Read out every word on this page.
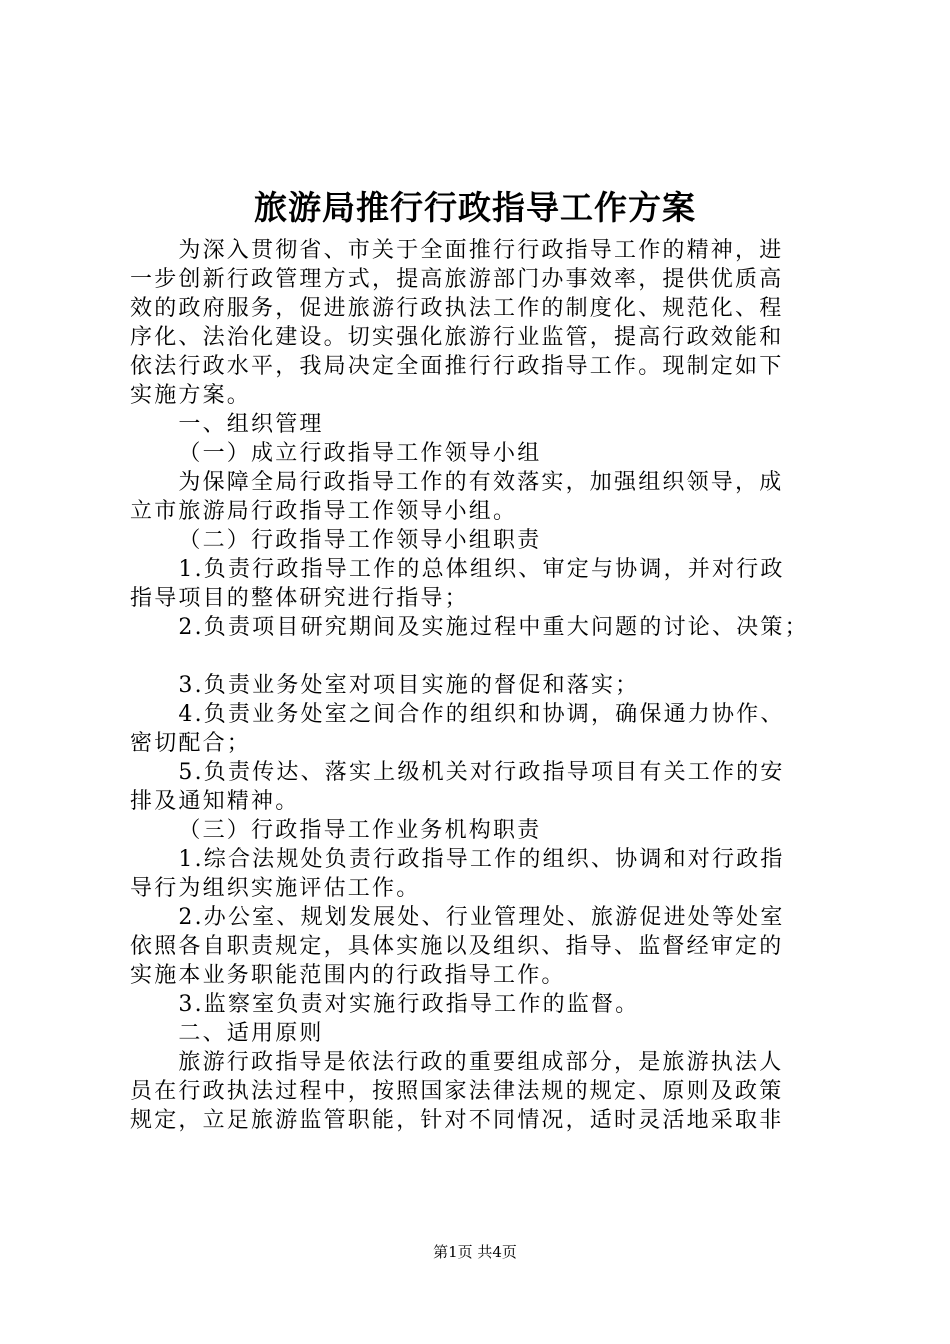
旅游局推行行政指导工作方案
为深入贯彻省、市关于全面推行行政指导工作的精神，进
一步创新行政管理方式，提高旅游部门办事效率，提供优质高
效的政府服务，促进旅游行政执法工作的制度化、规范化、程
序化、法治化建设。切实强化旅游行业监管，提高行政效能和
依法行政水平，我局决定全面推行行政指导工作。现制定如下
实施方案。
一、组织管理
（一）成立行政指导工作领导小组
为保障全局行政指导工作的有效落实，加强组织领导，成
立市旅游局行政指导工作领导小组。
（二）行政指导工作领导小组职责
1.负责行政指导工作的总体组织、审定与协调，并对行政
指导项目的整体研究进行指导；
2.负责项目研究期间及实施过程中重大问题的讨论、决策；
3.负责业务处室对项目实施的督促和落实；
4.负责业务处室之间合作的组织和协调，确保通力协作、
密切配合；
5.负责传达、落实上级机关对行政指导项目有关工作的安
排及通知精神。
（三）行政指导工作业务机构职责
1.综合法规处负责行政指导工作的组织、协调和对行政指
导行为组织实施评估工作。
2.办公室、规划发展处、行业管理处、旅游促进处等处室
依照各自职责规定，具体实施以及组织、指导、监督经审定的
实施本业务职能范围内的行政指导工作。
3.监察室负责对实施行政指导工作的监督。
二、适用原则
旅游行政指导是依法行政的重要组成部分，是旅游执法人
员在行政执法过程中，按照国家法律法规的规定、原则及政策
规定，立足旅游监管职能，针对不同情况，适时灵活地采取非
第1页 共4页
